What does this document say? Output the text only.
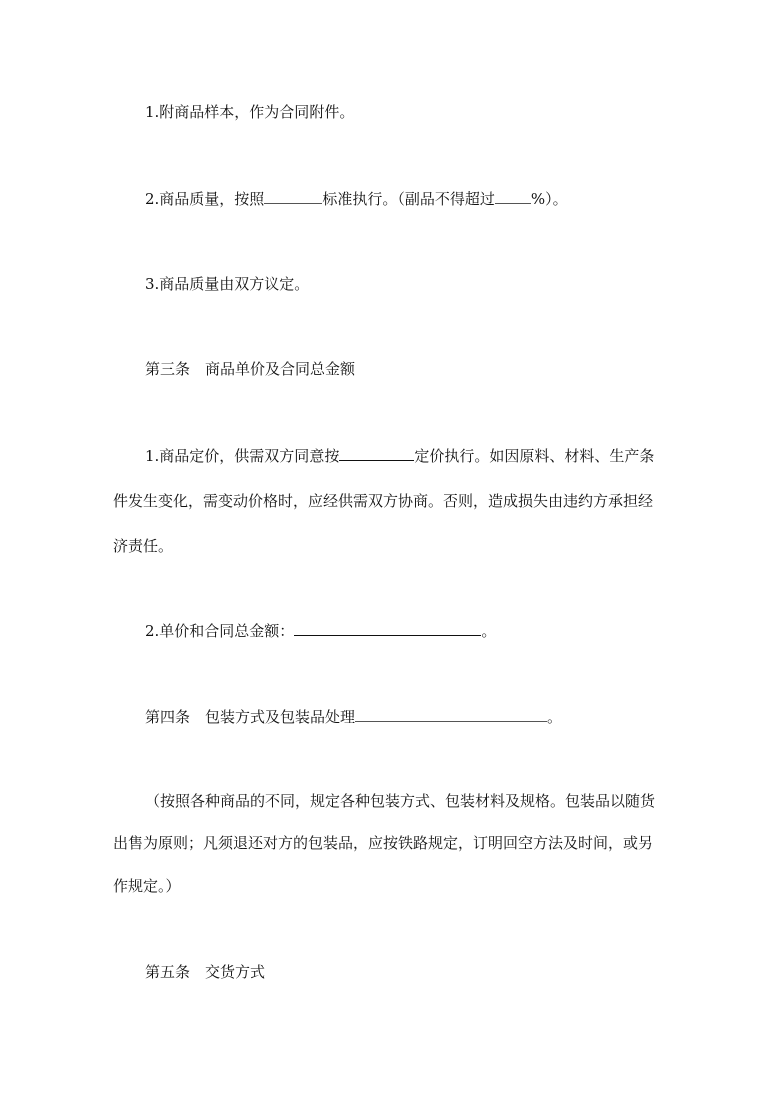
1.附商品样本，作为合同附件。
2.商品质量，按照	标准执行。（副品不得超过 %）。
3.商品质量由双方议定。
第三条　商品单价及合同总金额
1.商品定价，供需双方同意按	定价执行。如因原料、材料、生产条
件发生变化，需变动价格时，应经供需双方协商。否则，造成损失由违约方承担经
济责任。
2.单价和合同总金额：	。
第四条　包装方式及包装品处理	。
（按照各种商品的不同，规定各种包装方式、包装材料及规格。包装品以随货
出售为原则；凡须退还对方的包装品，应按铁路规定，订明回空方法及时间，或另
作规定。）
第五条　交货方式
